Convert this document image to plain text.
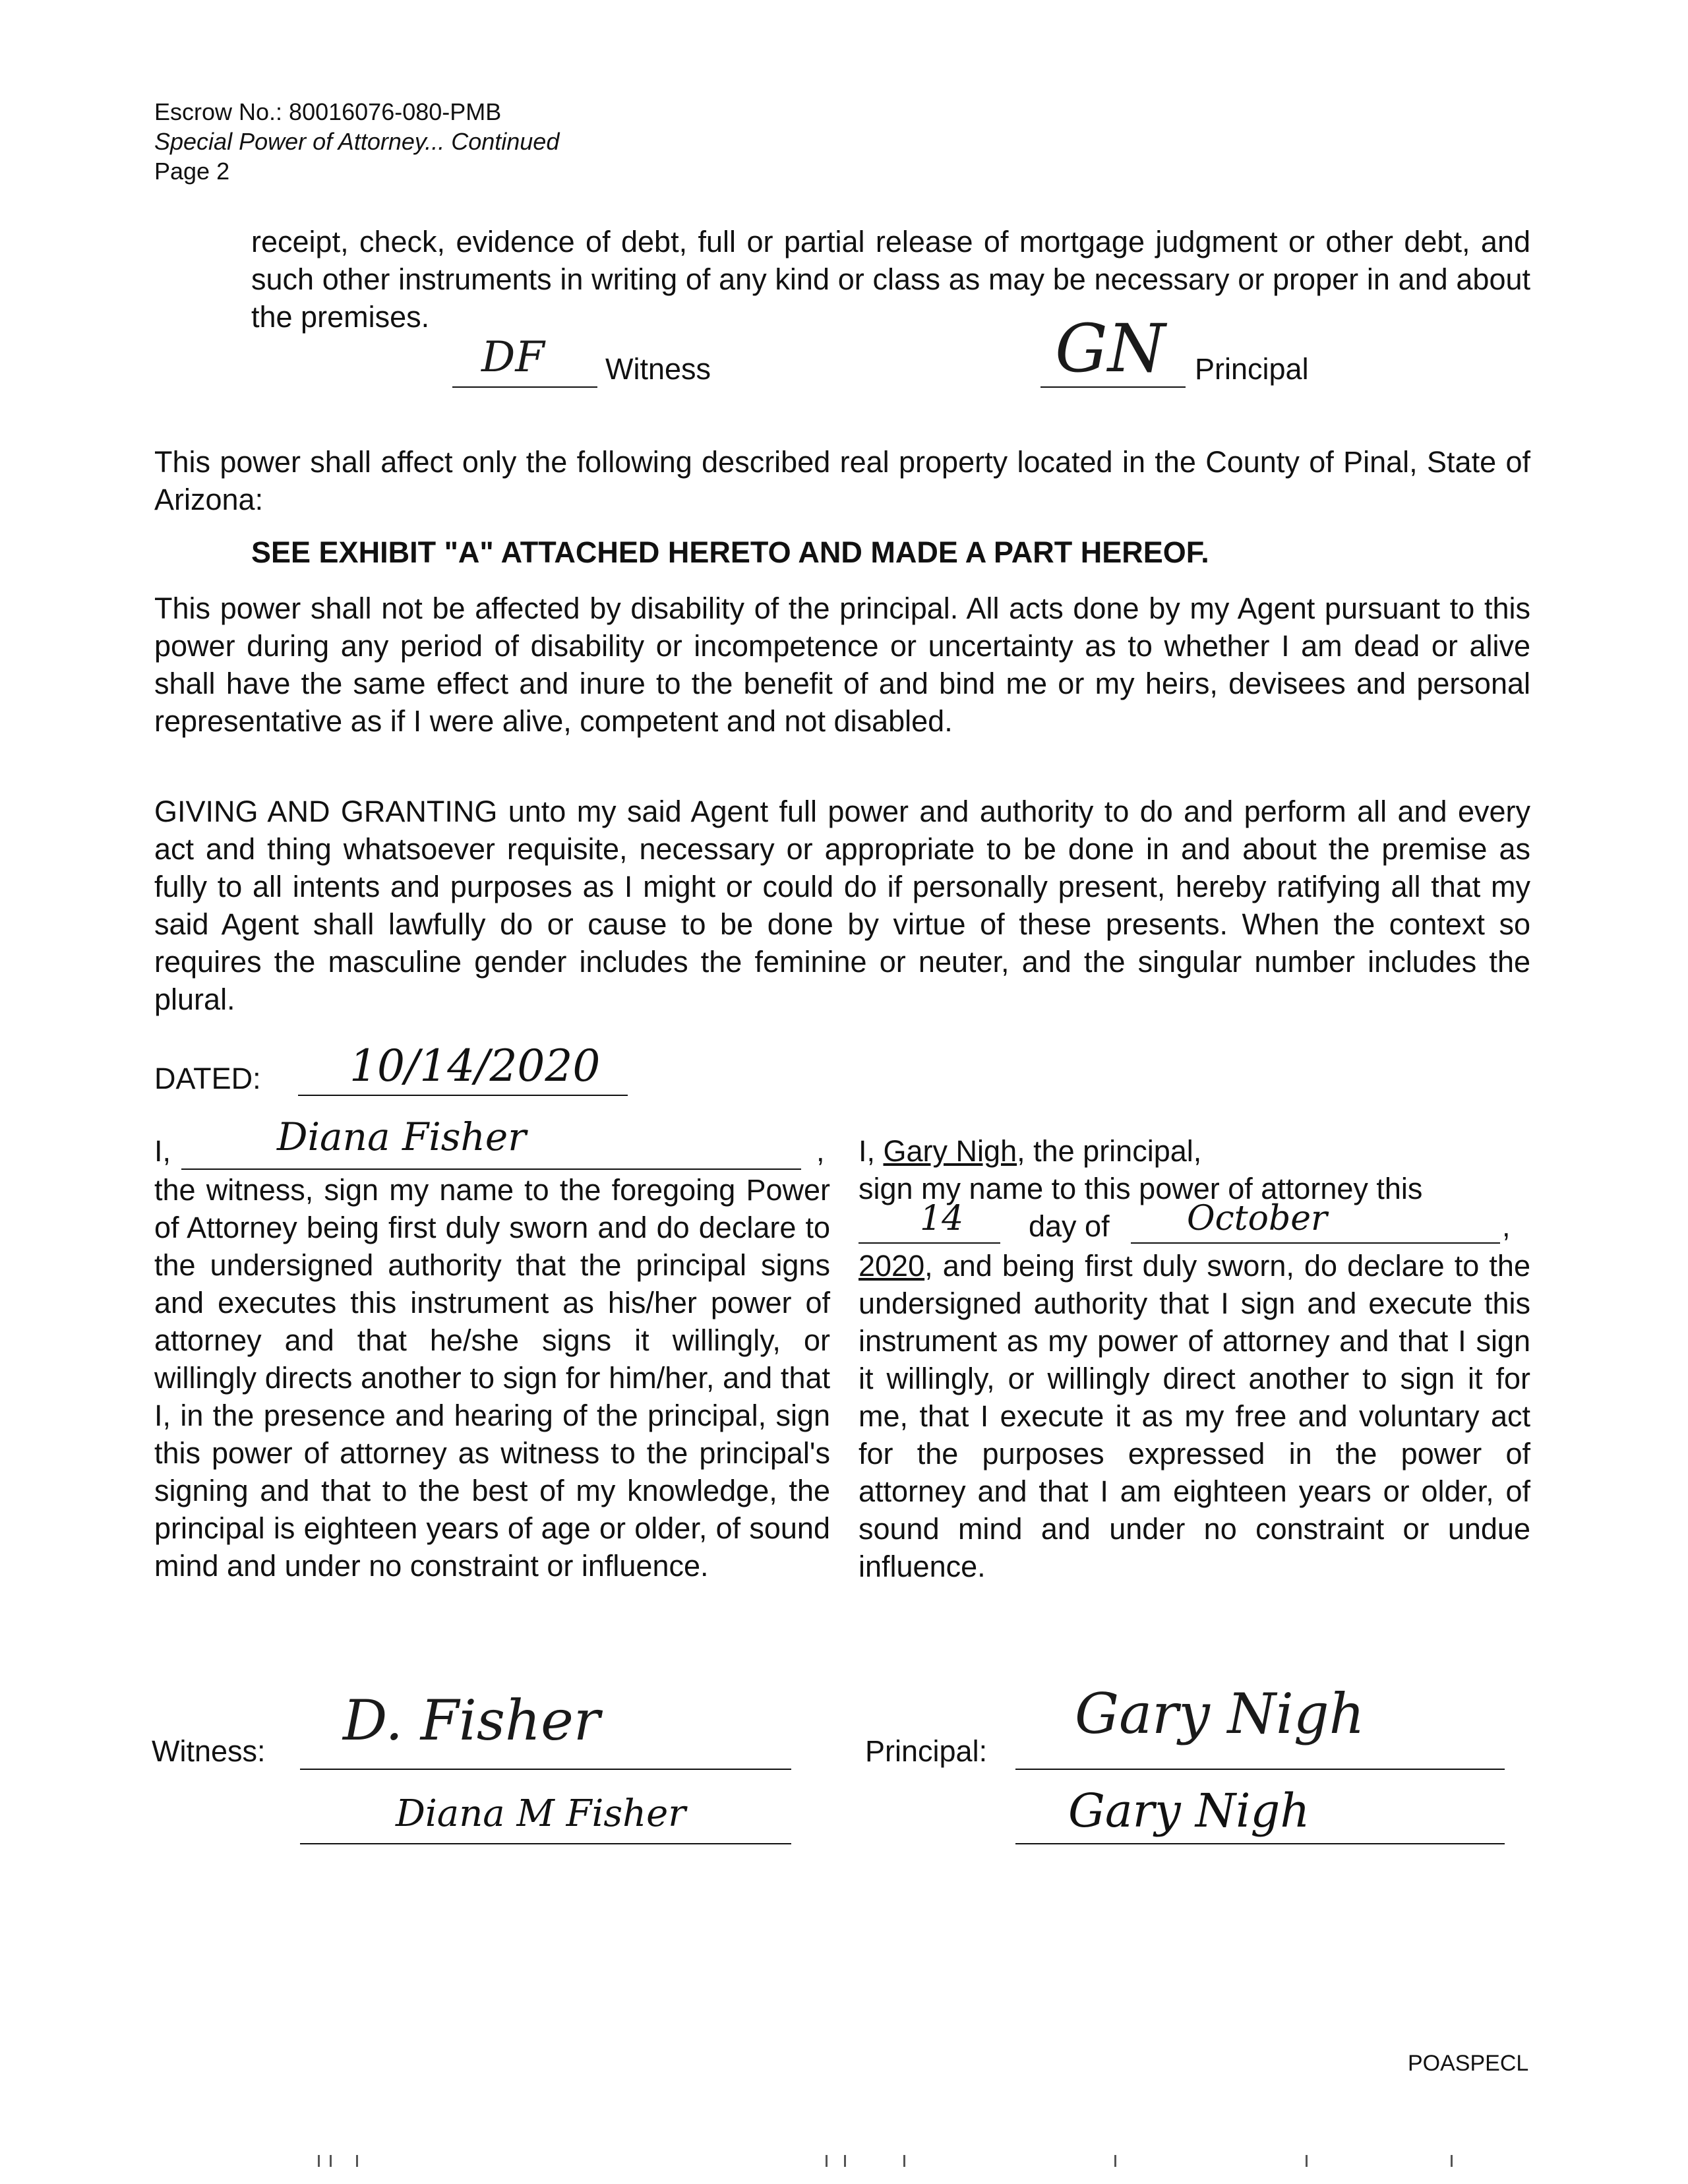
Escrow No.: 80016076-080-PMB
Special Power of Attorney... Continued
Page 2
receipt, check, evidence of debt, full or partial release of mortgage judgment or other debt, and such other instruments in writing of any kind or class as may be necessary or proper in and about the premises.
DF Witness	GN Principal
This power shall affect only the following described real property located in the County of Pinal, State of Arizona:
SEE EXHIBIT "A" ATTACHED HERETO AND MADE A PART HEREOF.
This power shall not be affected by disability of the principal. All acts done by my Agent pursuant to this power during any period of disability or incompetence or uncertainty as to whether I am dead or alive shall have the same effect and inure to the benefit of and bind me or my heirs, devisees and personal representative as if I were alive, competent and not disabled.
GIVING AND GRANTING unto my said Agent full power and authority to do and perform all and every act and thing whatsoever requisite, necessary or appropriate to be done in and about the premise as fully to all intents and purposes as I might or could do if personally present, hereby ratifying all that my said Agent shall lawfully do or cause to be done by virtue of these presents. When the context so requires the masculine gender includes the feminine or neuter, and the singular number includes the plural.
DATED: 10/14/2020
I,	Diana Fisher	,

the witness, sign my name to the foregoing Power of Attorney being first duly sworn and do declare to the undersigned authority that the principal signs and executes this instrument as his/her power of attorney and that he/she signs it willingly, or willingly directs another to sign for him/her, and that I, in the presence and hearing of the principal, sign this power of attorney as witness to the principal's signing and that to the best of my knowledge, the principal is eighteen years of age or older, of sound mind and under no constraint or influence.

I, Gary Nigh, the principal,
sign my name to this power of attorney this
14 day of October	,

2020, and being first duly sworn, do declare to the undersigned authority that I sign and execute this instrument as my power of attorney and that I sign it willingly, or willingly direct another to sign it for me, that I execute it as my free and voluntary act for the purposes expressed in the power of attorney and that I am eighteen years or older, of sound mind and under no constraint or undue influence.

Witness: D. Fisher
Diana M Fisher
Principal:
Gary Nigh
Gary Nigh
POASPECL
